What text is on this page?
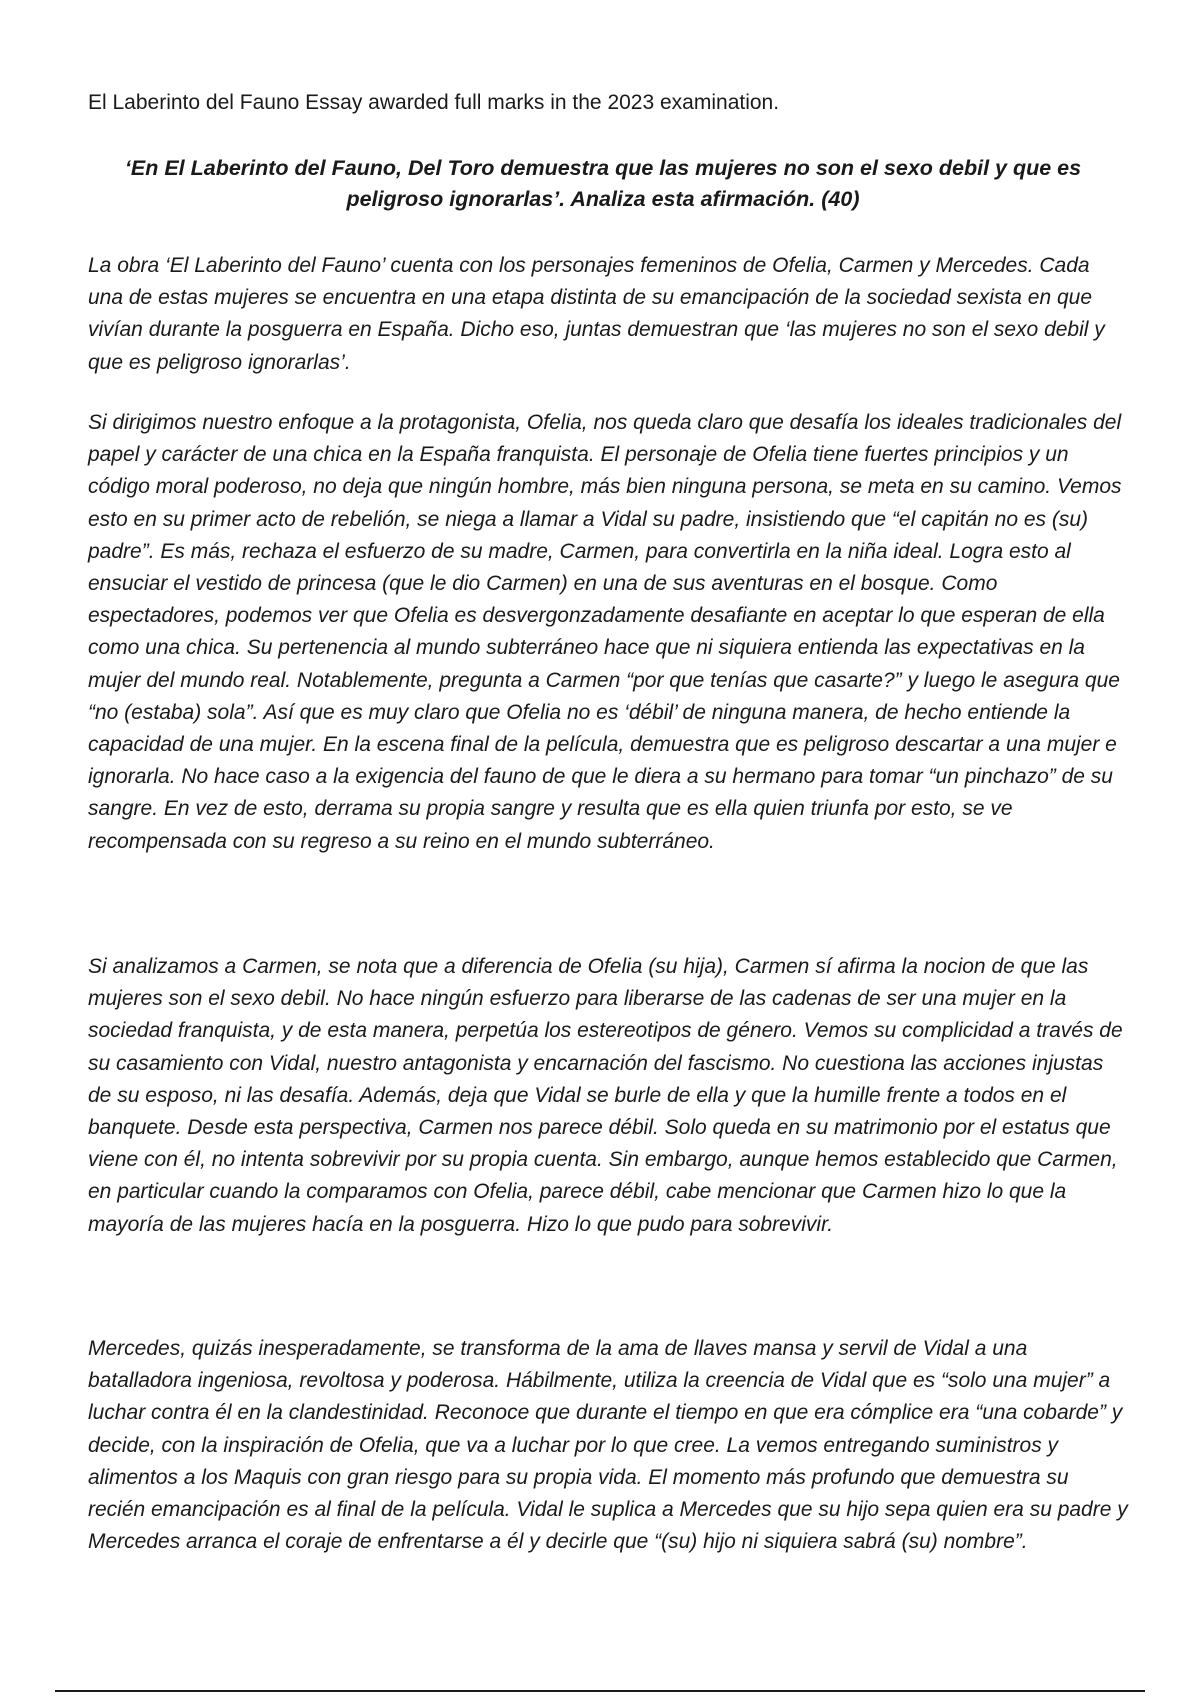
El Laberinto del Fauno Essay awarded full marks in the 2023 examination.

‘En El Laberinto del Fauno, Del Toro demuestra que las mujeres no son el sexo debil y que es peligroso ignorarlas’. Analiza esta afirmación. (40)

La obra ‘El Laberinto del Fauno’ cuenta con los personajes femeninos de Ofelia, Carmen y Mercedes. Cada una de estas mujeres se encuentra en una etapa distinta de su emancipación de la sociedad sexista en que vivían durante la posguerra en España. Dicho eso, juntas demuestran que ‘las mujeres no son el sexo debil y que es peligroso ignorarlas’.

Si dirigimos nuestro enfoque a la protagonista, Ofelia, nos queda claro que desafía los ideales tradicionales del papel y carácter de una chica en la España franquista. El personaje de Ofelia tiene fuertes principios y un código moral poderoso, no deja que ningún hombre, más bien ninguna persona, se meta en su camino. Vemos esto en su primer acto de rebelión, se niega a llamar a Vidal su padre, insistiendo que “el capitán no es (su) padre”. Es más, rechaza el esfuerzo de su madre, Carmen, para convertirla en la niña ideal. Logra esto al ensuciar el vestido de princesa (que le dio Carmen) en una de sus aventuras en el bosque. Como espectadores, podemos ver que Ofelia es desvergonzadamente desafiante en aceptar lo que esperan de ella como una chica. Su pertenencia al mundo subterráneo hace que ni siquiera entienda las expectativas en la mujer del mundo real. Notablemente, pregunta a Carmen “por que tenías que casarte?” y luego le asegura que “no (estaba) sola”. Así que es muy claro que Ofelia no es ‘débil’ de ninguna manera, de hecho entiende la capacidad de una mujer. En la escena final de la película, demuestra que es peligroso descartar a una mujer e ignorarla. No hace caso a la exigencia del fauno de que le diera a su hermano para tomar “un pinchazo” de su sangre. En vez de esto, derrama su propia sangre y resulta que es ella quien triunfa por esto, se ve recompensada con su regreso a su reino en el mundo subterráneo.

Si analizamos a Carmen, se nota que a diferencia de Ofelia (su hija), Carmen sí afirma la nocion de que las mujeres son el sexo debil. No hace ningún esfuerzo para liberarse de las cadenas de ser una mujer en la sociedad franquista, y de esta manera, perpetúa los estereotipos de género. Vemos su complicidad a través de su casamiento con Vidal, nuestro antagonista y encarnación del fascismo. No cuestiona las acciones injustas de su esposo, ni las desafía. Además, deja que Vidal se burle de ella y que la humille frente a todos en el banquete. Desde esta perspectiva, Carmen nos parece débil. Solo queda en su matrimonio por el estatus que viene con él, no intenta sobrevivir por su propia cuenta. Sin embargo, aunque hemos establecido que Carmen, en particular cuando la comparamos con Ofelia, parece débil, cabe mencionar que Carmen hizo lo que la mayoría de las mujeres hacía en la posguerra. Hizo lo que pudo para sobrevivir.

Mercedes, quizás inesperadamente, se transforma de la ama de llaves mansa y servil de Vidal a una batalladora ingeniosa, revoltosa y poderosa. Hábilmente, utiliza la creencia de Vidal que es “solo una mujer” a luchar contra él en la clandestinidad. Reconoce que durante el tiempo en que era cómplice era “una cobarde” y decide, con la inspiración de Ofelia, que va a luchar por lo que cree. La vemos entregando suministros y alimentos a los Maquis con gran riesgo para su propia vida. El momento más profundo que demuestra su recién emancipación es al final de la película. Vidal le suplica a Mercedes que su hijo sepa quien era su padre y Mercedes arranca el coraje de enfrentarse a él y decirle que “(su) hijo ni siquiera sabrá (su) nombre”.
